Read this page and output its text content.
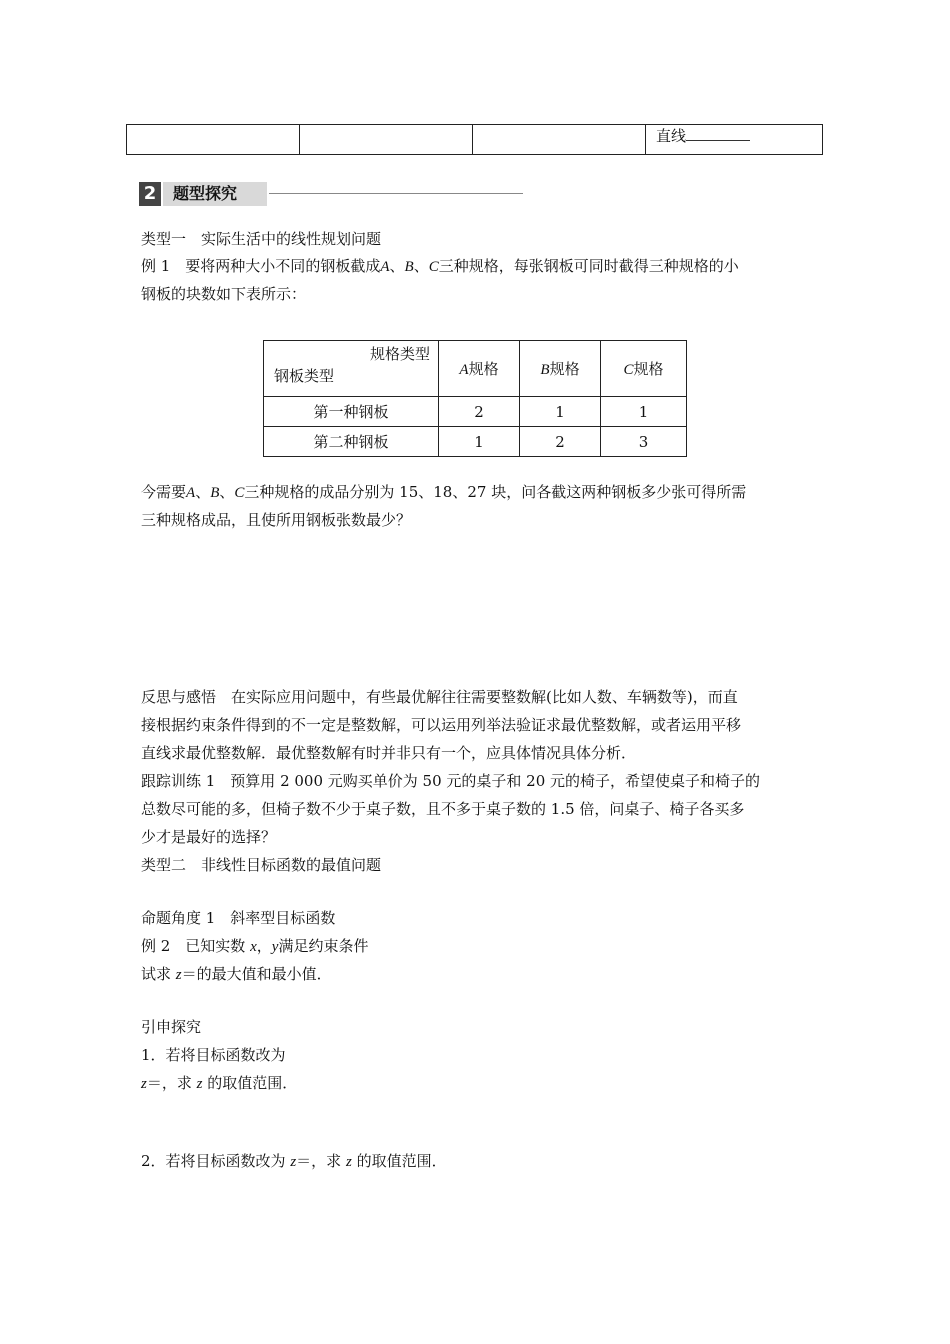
			直线
2	题型探究
类型一　实际生活中的线性规划问题
例 1　要将两种大小不同的钢板截成A、B、C三种规格，每张钢板可同时截得三种规格的小
钢板的块数如下表所示：
规格类型
钢板类型	A规格	B规格	C规格
第一种钢板	2	1	1
第二种钢板	1	2	3
今需要A、B、C三种规格的成品分别为 15、18、27 块，问各截这两种钢板多少张可得所需
三种规格成品，且使所用钢板张数最少？
反思与感悟　在实际应用问题中，有些最优解往往需要整数解(比如人数、车辆数等)，而直
接根据约束条件得到的不一定是整数解，可以运用列举法验证求最优整数解，或者运用平移
直线求最优整数解．最优整数解有时并非只有一个，应具体情况具体分析．
跟踪训练 1　预算用 2 000 元购买单价为 50 元的桌子和 20 元的椅子，希望使桌子和椅子的
总数尽可能的多，但椅子数不少于桌子数，且不多于桌子数的 1.5 倍，问桌子、椅子各买多
少才是最好的选择？
类型二　非线性目标函数的最值问题
命题角度 1　斜率型目标函数
例 2　已知实数 x，y满足约束条件
试求 z＝的最大值和最小值．
引申探究
1．若将目标函数改为
z＝，求 z 的取值范围．
2．若将目标函数改为 z＝，求 z 的取值范围．
